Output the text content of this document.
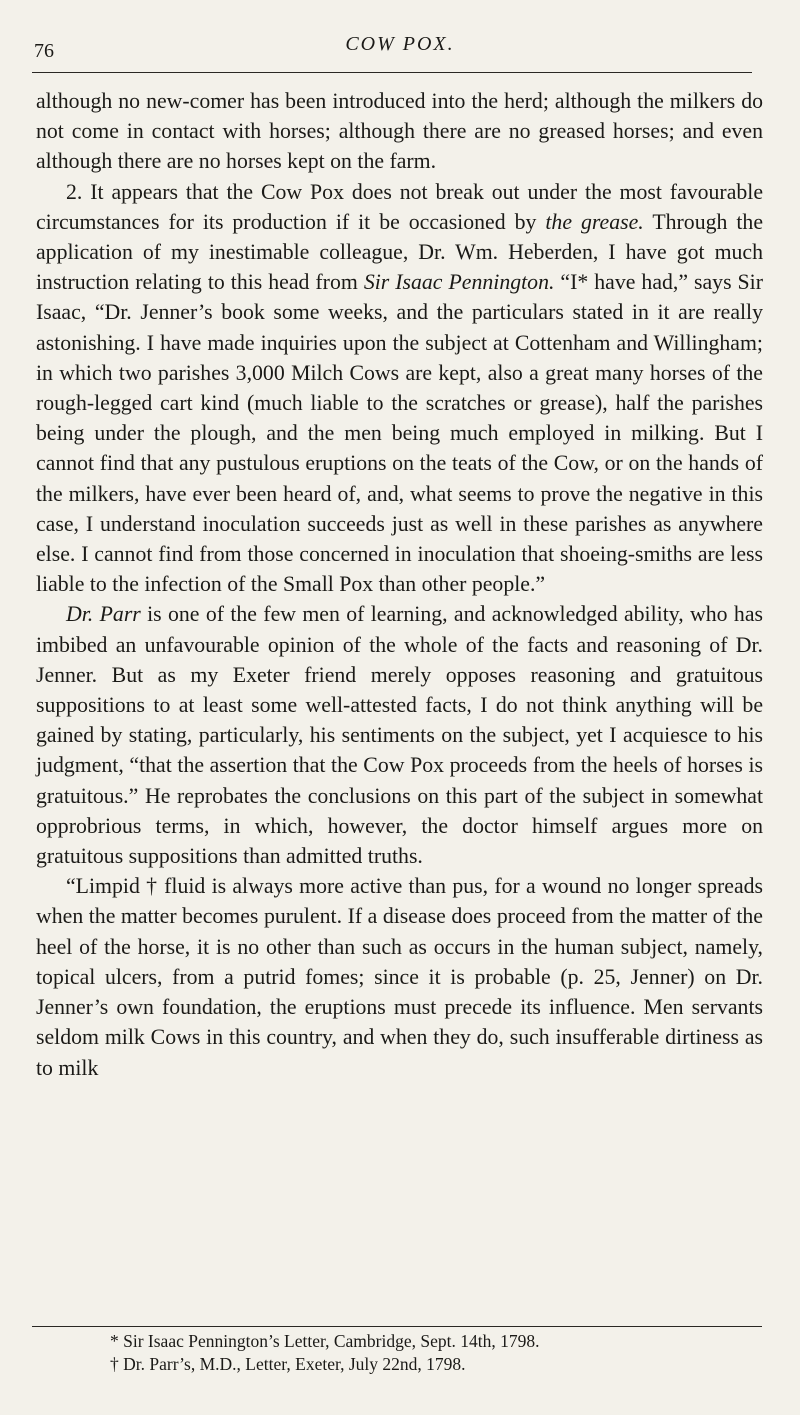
76	COW POX.

although no new-comer has been introduced into the herd; although the milkers do not come in contact with horses; although there are no greased horses; and even although there are no horses kept on the farm.

2. It appears that the Cow Pox does not break out under the most favourable circumstances for its production if it be occasioned by the grease. Through the application of my inestimable colleague, Dr. Wm. Heberden, I have got much instruction relating to this head from Sir Isaac Pennington. “I* have had,” says Sir Isaac, “Dr. Jenner’s book some weeks, and the particulars stated in it are really astonishing. I have made inquiries upon the subject at Cottenham and Willingham; in which two parishes 3,000 Milch Cows are kept, also a great many horses of the rough-legged cart kind (much liable to the scratches or grease), half the parishes being under the plough, and the men being much employed in milking. But I cannot find that any pustulous eruptions on the teats of the Cow, or on the hands of the milkers, have ever been heard of, and, what seems to prove the negative in this case, I understand inoculation succeeds just as well in these parishes as anywhere else. I cannot find from those concerned in inoculation that shoeing-smiths are less liable to the infection of the Small Pox than other people.”

Dr. Parr is one of the few men of learning, and acknowledged ability, who has imbibed an unfavourable opinion of the whole of the facts and reasoning of Dr. Jenner. But as my Exeter friend merely opposes reasoning and gratuitous suppositions to at least some well-attested facts, I do not think anything will be gained by stating, particularly, his sentiments on the subject, yet I acquiesce to his judgment, “that the assertion that the Cow Pox proceeds from the heels of horses is gratuitous.” He reprobates the conclusions on this part of the subject in somewhat opprobrious terms, in which, however, the doctor himself argues more on gratuitous suppositions than admitted truths.

“Limpid † fluid is always more active than pus, for a wound no longer spreads when the matter becomes purulent. If a disease does proceed from the matter of the heel of the horse, it is no other than such as occurs in the human subject, namely, topical ulcers, from a putrid fomes; since it is probable (p. 25, Jenner) on Dr. Jenner’s own foundation, the eruptions must precede its influence. Men servants seldom milk Cows in this country, and when they do, such insufferable dirtiness as to milk

* Sir Isaac Pennington’s Letter, Cambridge, Sept. 14th, 1798.
† Dr. Parr’s, M.D., Letter, Exeter, July 22nd, 1798.
